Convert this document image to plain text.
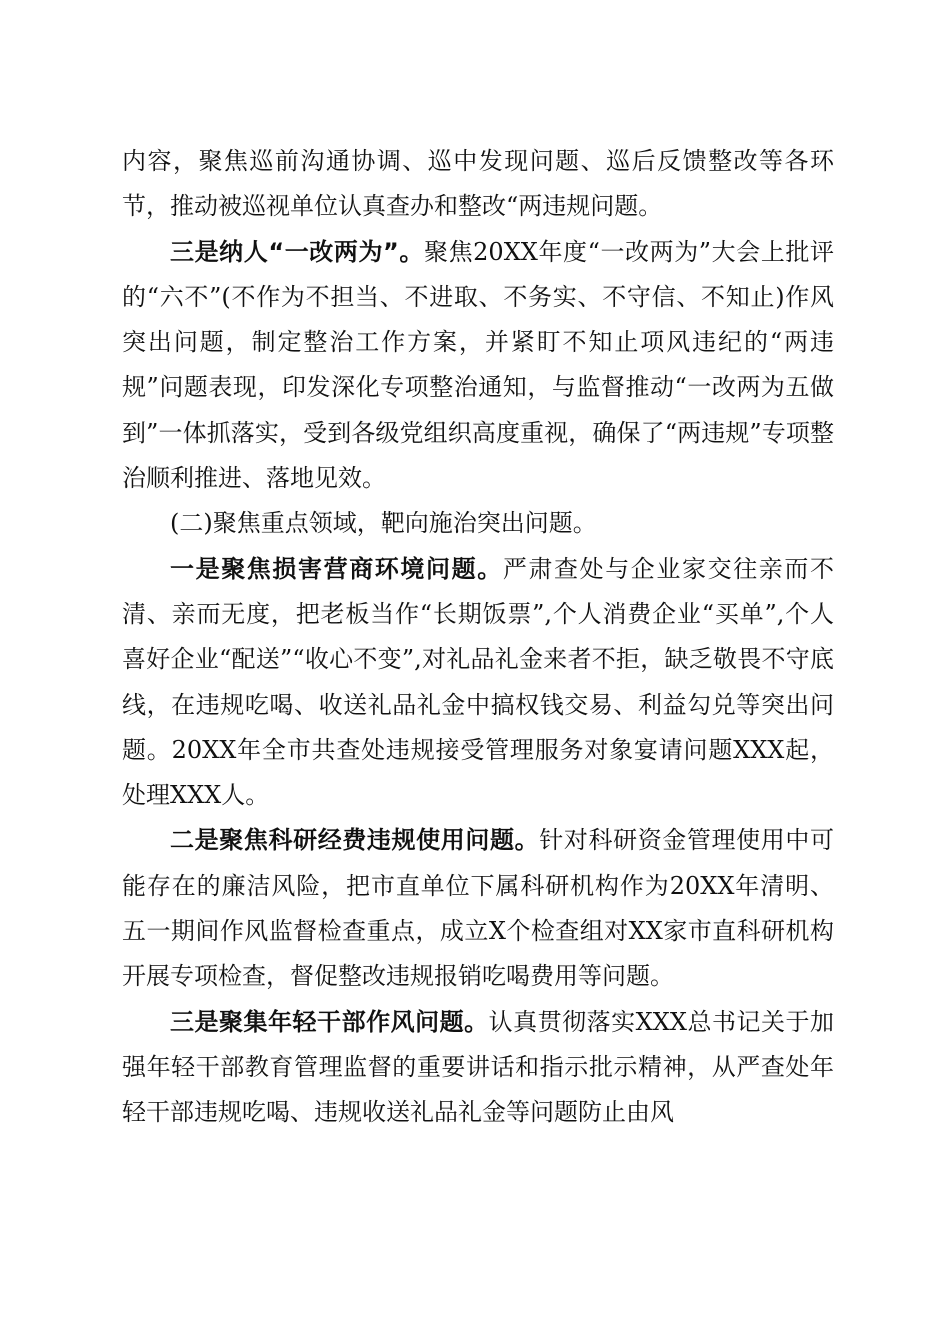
内容，聚焦巡前沟通协调、巡中发现问题、巡后反馈整改等各环节，推动被巡视单位认真查办和整改“两违规问题。

三是纳人“一改两为”。聚焦20XX年度“一改两为”大会上批评的“六不”(不作为不担当、不进取、不务实、不守信、不知止)作风突出问题，制定整治工作方案，并紧盯不知止项风违纪的“两违规”问题表现，印发深化专项整治通知，与监督推动“一改两为五做到”一体抓落实，受到各级党组织高度重视，确保了“两违规”专项整治顺利推进、落地见效。

(二)聚焦重点领域，靶向施治突出问题。

一是聚焦损害营商环境问题。严肃查处与企业家交往亲而不清、亲而无度，把老板当作“长期饭票”,个人消费企业“买单”,个人喜好企业“配送”“收心不变”,对礼品礼金来者不拒，缺乏敬畏不守底线，在违规吃喝、收送礼品礼金中搞权钱交易、利益勾兑等突出问题。20XX年全市共查处违规接受管理服务对象宴请问题XXX起，处理XXX人。

二是聚焦科研经费违规使用问题。针对科研资金管理使用中可能存在的廉洁风险，把市直单位下属科研机构作为20XX年清明、五一期间作风监督检查重点，成立X个检查组对XX家市直科研机构开展专项检查，督促整改违规报销吃喝费用等问题。

三是聚集年轻干部作风问题。认真贯彻落实XXX总书记关于加强年轻干部教育管理监督的重要讲话和指示批示精神，从严查处年轻干部违规吃喝、违规收送礼品礼金等问题防止由风
